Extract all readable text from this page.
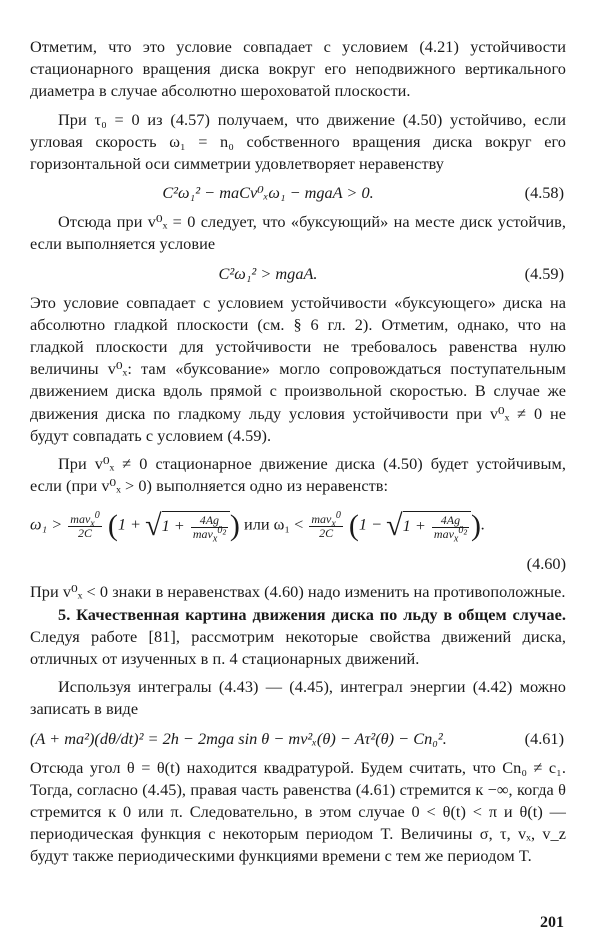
Отметим, что это условие совпадает с условием (4.21) устойчивости стационарного вращения диска вокруг его неподвижного вертикального диаметра в случае абсолютно шероховатой плоскости.

При τ₀ = 0 из (4.57) получаем, что движение (4.50) устойчиво, если угловая скорость ω₁ = n₀ собственного вращения диска вокруг его горизонтальной оси симметрии удовлетворяет неравенству

C²ω₁² − maCv⁰ₓω₁ − mgaA > 0.	(4.58)

Отсюда при v⁰ₓ = 0 следует, что «буксующий» на месте диск устойчив, если выполняется условие

C²ω₁² > mgaA.	(4.59)

Это условие совпадает с условием устойчивости «буксующего» диска на абсолютно гладкой плоскости (см. § 6 гл. 2). Отметим, однако, что на гладкой плоскости для устойчивости не требовалось равенства нулю величины v⁰ₓ: там «буксование» могло сопровождаться поступательным движением диска вдоль прямой с произвольной скоростью. В случае же движения диска по гладкому льду условия устойчивости при v⁰ₓ ≠ 0 не будут совпадать с условием (4.59).

При v⁰ₓ ≠ 0 стационарное движение диска (4.50) будет устойчивым, если (при v⁰ₓ > 0) выполняется одно из неравенств:

$\omega_1 > \frac{mav_x^0}{2C} (1 + √1 + \frac{4Ag}{mav_x^0^2}$ ) или $\omega_1 < \frac{mav_x^0}{2C} (1 - √1 + \frac{4Ag}{mav_x^0^2}$ ).
(4.60)

При v⁰ₓ < 0 знаки в неравенствах (4.60) надо изменить на противоположные.

5. Качественная картина движения диска по льду в общем случае. Следуя работе [81], рассмотрим некоторые свойства движений диска, отличных от изученных в п. 4 стационарных движений.

Используя интегралы (4.43) — (4.45), интеграл энергии (4.42) можно записать в виде

(A + ma²)(dθ/dt)² = 2h − 2mga sin θ − mv²ₓ(θ) − Aτ²(θ) − Cn₀².	(4.61)

Отсюда угол θ = θ(t) находится квадратурой. Будем считать, что Cn₀ ≠ c₁. Тогда, согласно (4.45), правая часть равенства (4.61) стремится к −∞, когда θ стремится к 0 или π. Следовательно, в этом случае 0 < θ(t) < π и θ(t) — периодическая функция с некоторым периодом T. Величины σ, τ, vₓ, v_z будут также периодическими функциями времени с тем же периодом T.

201
